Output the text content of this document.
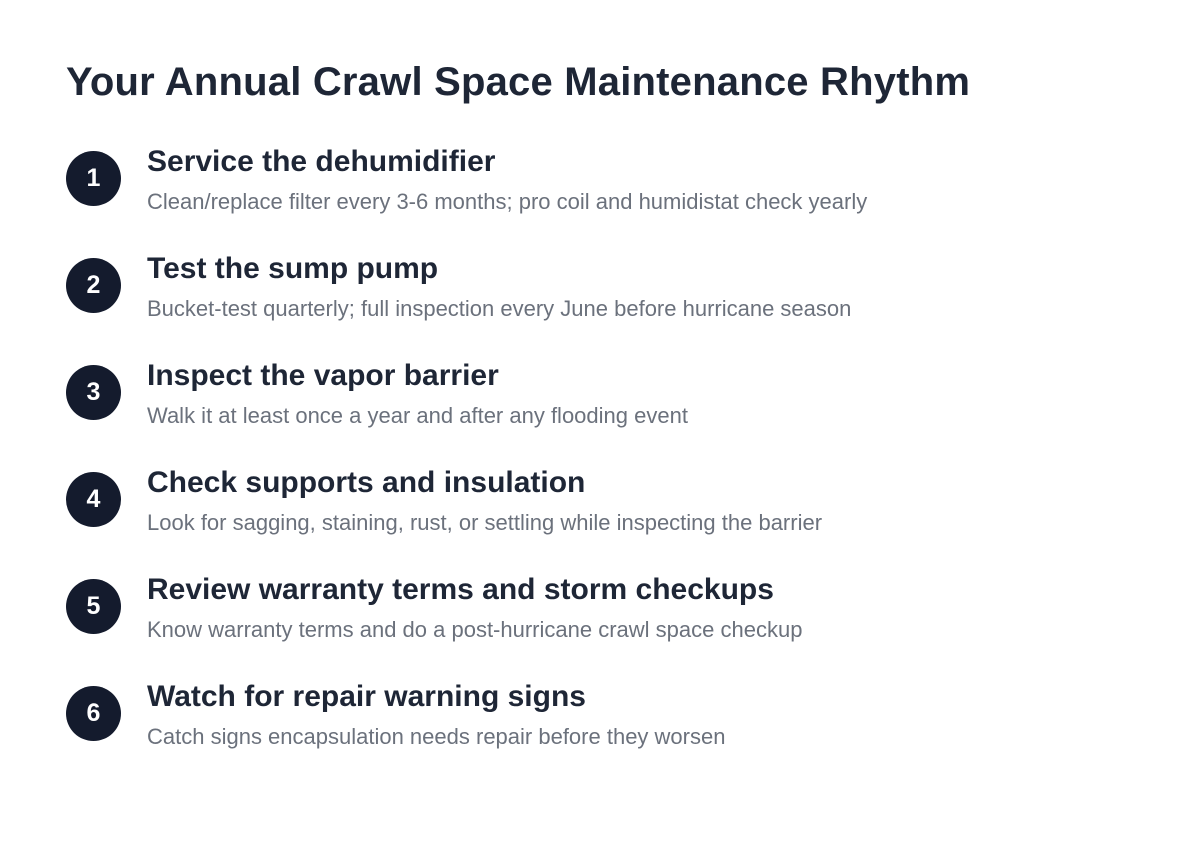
Your Annual Crawl Space Maintenance Rhythm
1	Service the dehumidifier
Clean/replace filter every 3-6 months; pro coil and humidistat check yearly
2	Test the sump pump
Bucket-test quarterly; full inspection every June before hurricane season
3	Inspect the vapor barrier
Walk it at least once a year and after any flooding event
4	Check supports and insulation
Look for sagging, staining, rust, or settling while inspecting the barrier
5	Review warranty terms and storm checkups
Know warranty terms and do a post-hurricane crawl space checkup
6	Watch for repair warning signs
Catch signs encapsulation needs repair before they worsen
